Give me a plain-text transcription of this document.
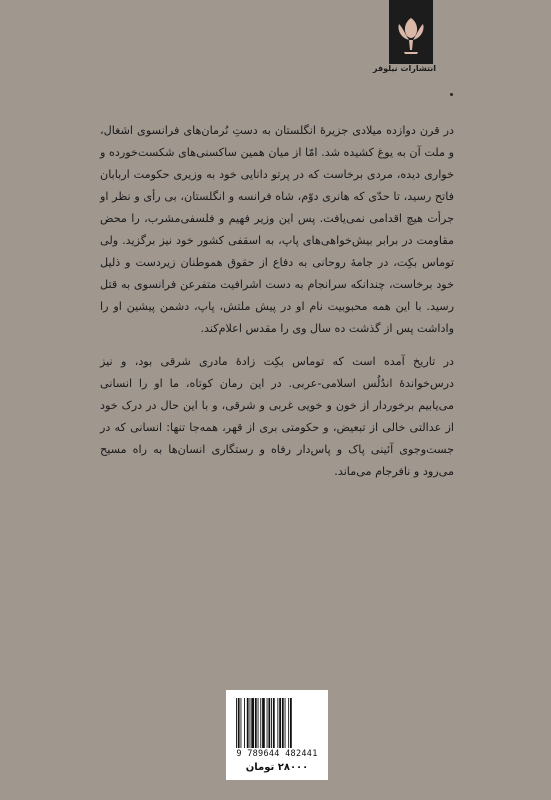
انتشارات نیلوفر

در قرن دوازده میلادی جزیرهٔ انگلستان به دستِ نُرمان‌های فرانسوی اشغال، و ملت آن به یوغ کشیده شد. امّا از میان همین ساکسنی‌های شکست‌خورده و خواری دیده، مردی برخاست که در پرتو دانایی خود به وزیری حکومت اربابان فاتح رسید، تا حدّی که هانری دوّم، شاه فرانسه و انگلستان، بی رأی و نظر او جرأت هیچ اقدامی نمی‌یافت. پس این وزیر فهیم و فلسفی‌مشرب، را محض مقاومت در برابر بیش‌خواهی‌های پاپ، به اسقفی کشور خود نیز برگزید. ولی توماس بکِت، در جامهٔ روحانی به دفاع از حقوق هموطنان زیردست و ذلیل خود برخاست، چندانکه سرانجام به دست اشرافیت متفرعن فرانسوی به قتل رسید. با این همه محبوبیت نام او در پیش ملتش، پاپ، دشمن پیشین او را واداشت پس از گذشت ده سال وی را مقدس اعلام‌کند.

در تاریخ آمده است که توماس بکِت زادهٔ مادری شرقی بود، و نیز درس‌خواندهٔ اندُلُس اسلامی-عربی. در این رمان کوتاه، ما او را انسانی می‌یابیم برخوردار از خون و خویی غربی و شرقی، و با این حال در درک خود از عدالتی خالی از تبعیض، و حکومتی بری از قهر، همه‌جا تنها: انسانی که در جست‌وجوی آئینی پاک و پاس‌دار رفاه و رستگاری انسان‌ها به راه مسیح می‌رود و نافرجام می‌ماند.

9 789644 482441
۲۸۰۰۰ تومان
